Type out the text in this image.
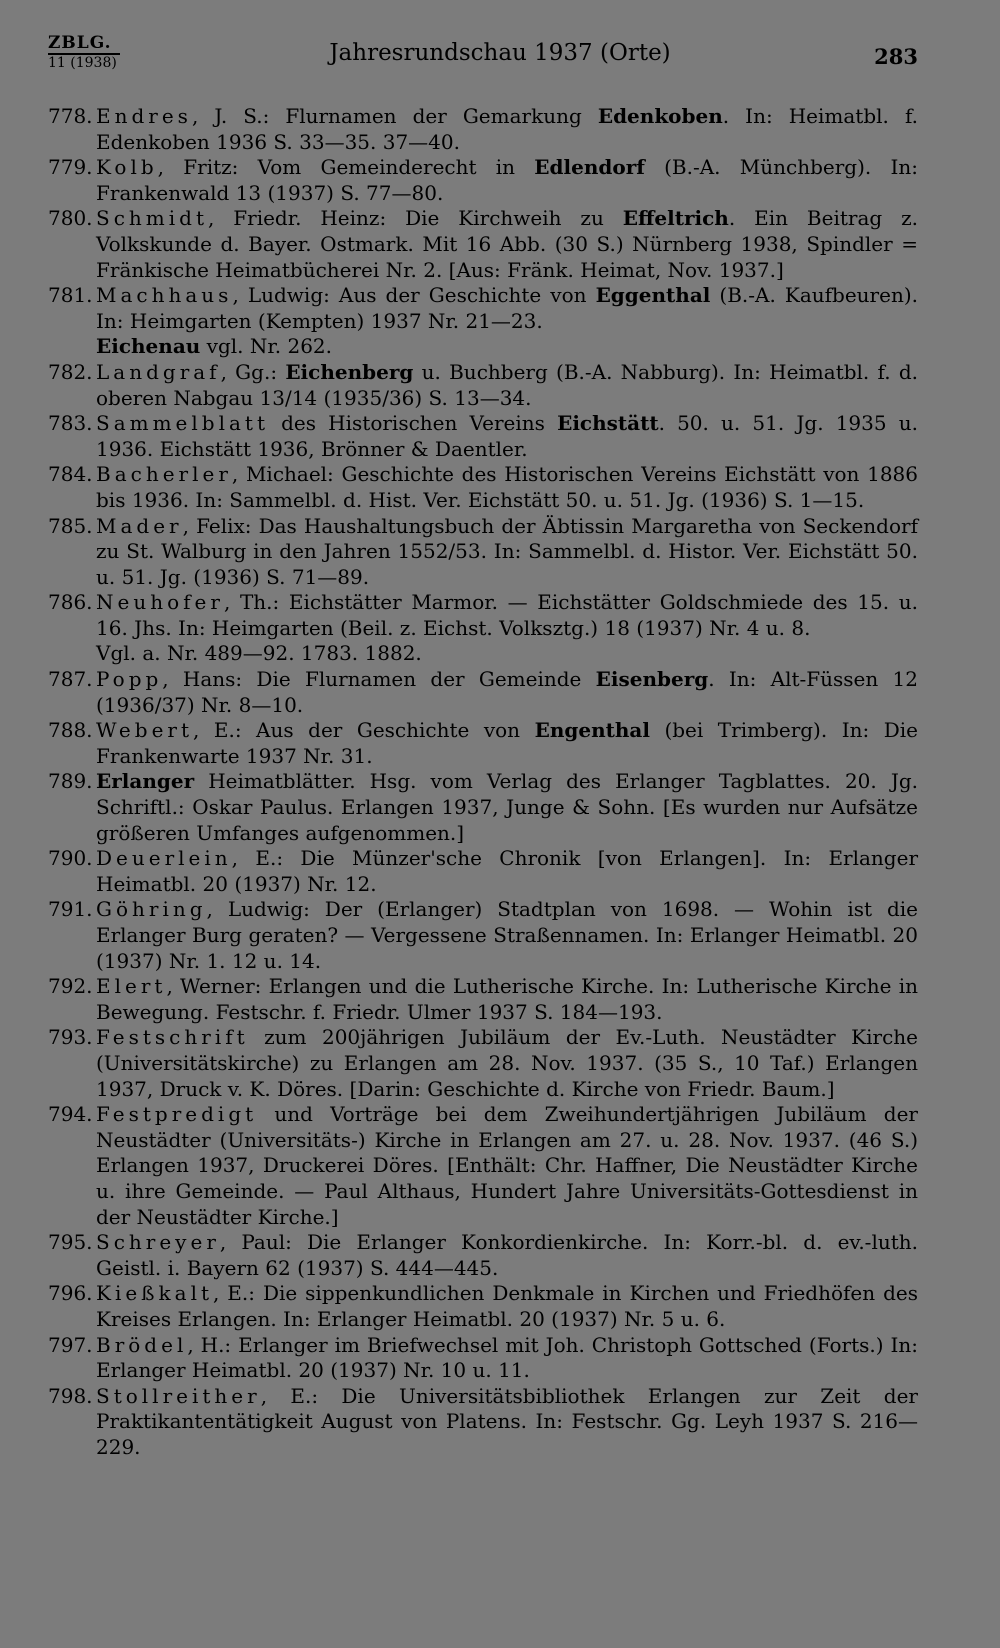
ZBLG.
11 (1938)	Jahresrundschau 1937 (Orte)	283
778. Endres, J. S.: Flurnamen der Gemarkung Edenkoben. In: Heimatbl. f. Edenkoben 1936 S. 33—35. 37—40.
779. Kolb, Fritz: Vom Gemeinderecht in Edlendorf (B.-A. Münchberg). In: Frankenwald 13 (1937) S. 77—80.
780. Schmidt, Friedr. Heinz: Die Kirchweih zu Effeltrich. Ein Beitrag z. Volkskunde d. Bayer. Ostmark. Mit 16 Abb. (30 S.) Nürnberg 1938, Spindler = Fränkische Heimatbücherei Nr. 2. [Aus: Fränk. Heimat, Nov. 1937.]
781. Machhaus, Ludwig: Aus der Geschichte von Eggenthal (B.-A. Kaufbeuren). In: Heimgarten (Kempten) 1937 Nr. 21—23.
Eichenau vgl. Nr. 262.
782. Landgraf, Gg.: Eichenberg u. Buchberg (B.-A. Nabburg). In: Heimatbl. f. d. oberen Nabgau 13/14 (1935/36) S. 13—34.
783. Sammelblatt des Historischen Vereins Eichstätt. 50. u. 51. Jg. 1935 u. 1936. Eichstätt 1936, Brönner & Daentler.
784. Bacherler, Michael: Geschichte des Historischen Vereins Eichstätt von 1886 bis 1936. In: Sammelbl. d. Hist. Ver. Eichstätt 50. u. 51. Jg. (1936) S. 1—15.
785. Mader, Felix: Das Haushaltungsbuch der Äbtissin Margaretha von Seckendorf zu St. Walburg in den Jahren 1552/53. In: Sammelbl. d. Histor. Ver. Eichstätt 50. u. 51. Jg. (1936) S. 71—89.
786. Neuhofer, Th.: Eichstätter Marmor. — Eichstätter Goldschmiede des 15. u. 16. Jhs. In: Heimgarten (Beil. z. Eichst. Volksztg.) 18 (1937) Nr. 4 u. 8.
Vgl. a. Nr. 489—92. 1783. 1882.
787. Popp, Hans: Die Flurnamen der Gemeinde Eisenberg. In: Alt-Füssen 12 (1936/37) Nr. 8—10.
788. Webert, E.: Aus der Geschichte von Engenthal (bei Trimberg). In: Die Frankenwarte 1937 Nr. 31.
789. Erlanger Heimatblätter. Hsg. vom Verlag des Erlanger Tagblattes. 20. Jg. Schriftl.: Oskar Paulus. Erlangen 1937, Junge & Sohn. [Es wurden nur Aufsätze größeren Umfanges aufgenommen.]
790. Deuerlein, E.: Die Münzer'sche Chronik [von Erlangen]. In: Erlanger Heimatbl. 20 (1937) Nr. 12.
791. Göhring, Ludwig: Der (Erlanger) Stadtplan von 1698. — Wohin ist die Erlanger Burg geraten? — Vergessene Straßennamen. In: Erlanger Heimatbl. 20 (1937) Nr. 1. 12 u. 14.
792. Elert, Werner: Erlangen und die Lutherische Kirche. In: Lutherische Kirche in Bewegung. Festschr. f. Friedr. Ulmer 1937 S. 184—193.
793. Festschrift zum 200jährigen Jubiläum der Ev.-Luth. Neustädter Kirche (Universitätskirche) zu Erlangen am 28. Nov. 1937. (35 S., 10 Taf.) Erlangen 1937, Druck v. K. Döres. [Darin: Geschichte d. Kirche von Friedr. Baum.]
794. Festpredigt und Vorträge bei dem Zweihundertjährigen Jubiläum der Neustädter (Universitäts-) Kirche in Erlangen am 27. u. 28. Nov. 1937. (46 S.) Erlangen 1937, Druckerei Döres. [Enthält: Chr. Haffner, Die Neustädter Kirche u. ihre Gemeinde. — Paul Althaus, Hundert Jahre Universitäts-Gottesdienst in der Neustädter Kirche.]
795. Schreyer, Paul: Die Erlanger Konkordienkirche. In: Korr.-bl. d. ev.-luth. Geistl. i. Bayern 62 (1937) S. 444—445.
796. Kießkalt, E.: Die sippenkundlichen Denkmale in Kirchen und Friedhöfen des Kreises Erlangen. In: Erlanger Heimatbl. 20 (1937) Nr. 5 u. 6.
797. Brödel, H.: Erlanger im Briefwechsel mit Joh. Christoph Gottsched (Forts.) In: Erlanger Heimatbl. 20 (1937) Nr. 10 u. 11.
798. Stollreither, E.: Die Universitätsbibliothek Erlangen zur Zeit der Praktikantentätigkeit August von Platens. In: Festschr. Gg. Leyh 1937 S. 216—229.
